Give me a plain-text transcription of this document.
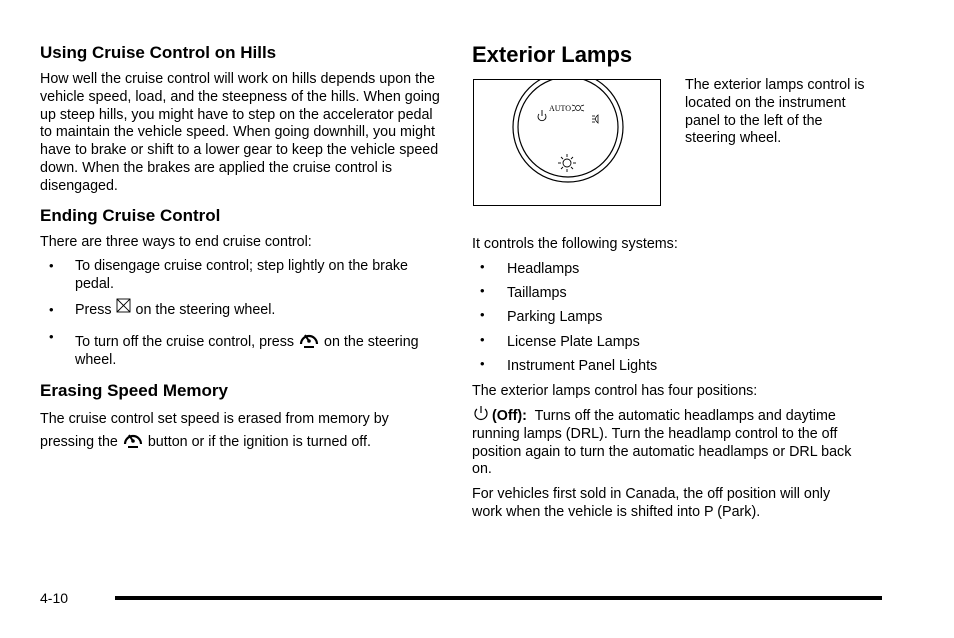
Using Cruise Control on Hills

How well the cruise control will work on hills depends upon the vehicle speed, load, and the steepness of the hills. When going up steep hills, you might have to step on the accelerator pedal to maintain the vehicle speed. When going downhill, you might have to brake or shift to a lower gear to keep the vehicle speed down. When the brakes are applied the cruise control is disengaged.

Ending Cruise Control

There are three ways to end cruise control:

• To disengage cruise control; step lightly on the brake pedal.
• Press on the steering wheel.
• To turn off the cruise control, press on the steering wheel.
Erasing Speed Memory

The cruise control set speed is erased from memory by pressing the button or if the ignition is turned off.

Exterior Lamps
AUTO

The exterior lamps control is located on the instrument panel to the left of the steering wheel.

It controls the following systems:

• Headlamps
• Taillamps
• Parking Lamps
• License Plate Lamps
• Instrument Panel Lights

The exterior lamps control has four positions:

(Off): Turns off the automatic headlamps and daytime running lamps (DRL). Turn the headlamp control to the off position again to turn the automatic headlamps or DRL back on.

For vehicles first sold in Canada, the off position will only work when the vehicle is shifted into P (Park).

4-10
